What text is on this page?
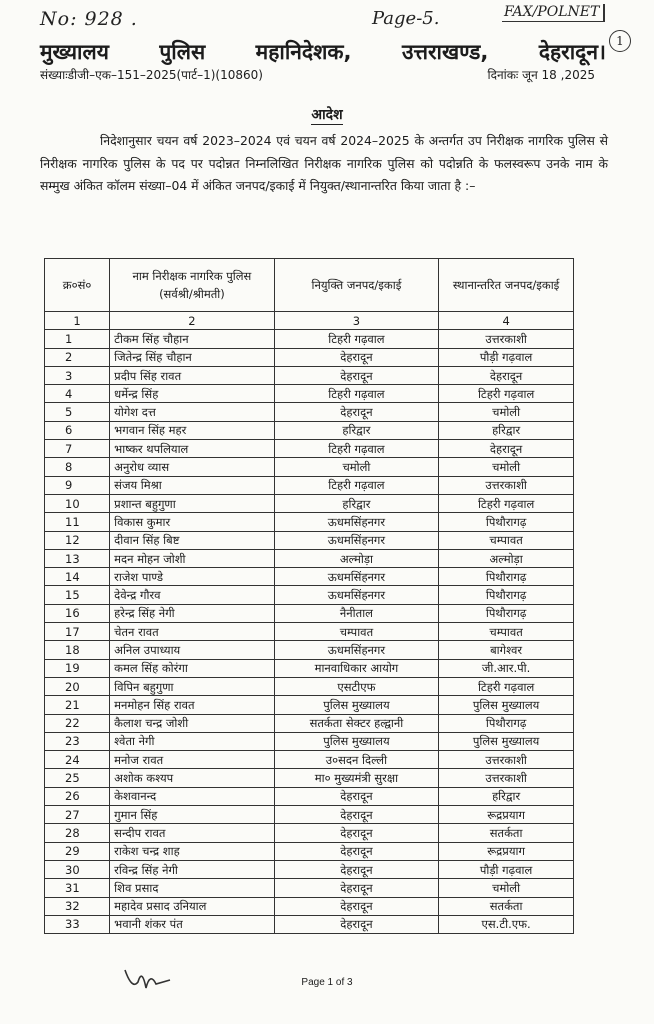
No: 928 .	Page-5.	FAX/POLNET
1
मुख्यालय पुलिस महानिदेशक, उत्तराखण्ड, देहरादून।
संख्याःडीजी–एक–151–2025(पार्ट–1)(10860)	दिनांकः जून 18 ,2025
आदेश
निदेशानुसार चयन वर्ष 2023–2024 एवं चयन वर्ष 2024–2025 के अन्तर्गत उप निरीक्षक नागरिक पुलिस से निरीक्षक नागरिक पुलिस के पद पर पदोन्नत निम्नलिखित निरीक्षक नागरिक पुलिस को पदोन्नति के फलस्वरूप उनके नाम के सम्मुख अंकित कॉलम संख्या–04 में अंकित जनपद/इकाई में नियुक्त/स्थानान्तरित किया जाता है :–
क्र०सं०	नाम निरीक्षक नागरिक पुलिस (सर्वश्री/श्रीमती)	नियुक्ति जनपद/इकाई	स्थानान्तरित जनपद/इकाई
1	2	3	4
1	टीकम सिंह चौहान	टिहरी गढ़वाल	उत्तरकाशी
2	जितेन्द्र सिंह चौहान	देहरादून	पौड़ी गढ़वाल
3	प्रदीप सिंह रावत	देहरादून	देहरादून
4	धर्मेन्द्र सिंह	टिहरी गढ़वाल	टिहरी गढ़वाल
5	योगेश दत्त	देहरादून	चमोली
6	भगवान सिंह महर	हरिद्वार	हरिद्वार
7	भाष्कर थपलियाल	टिहरी गढ़वाल	देहरादून
8	अनुरोध व्यास	चमोली	चमोली
9	संजय मिश्रा	टिहरी गढ़वाल	उत्तरकाशी
10	प्रशान्त बहुगुणा	हरिद्वार	टिहरी गढ़वाल
11	विकास कुमार	ऊधमसिंहनगर	पिथौरागढ़
12	दीवान सिंह बिष्ट	ऊधमसिंहनगर	चम्पावत
13	मदन मोहन जोशी	अल्मोड़ा	अल्मोड़ा
14	राजेश पाण्डे	ऊधमसिंहनगर	पिथौरागढ़
15	देवेन्द्र गौरव	ऊधमसिंहनगर	पिथौरागढ़
16	हरेन्द्र सिंह नेगी	नैनीताल	पिथौरागढ़
17	चेतन रावत	चम्पावत	चम्पावत
18	अनिल उपाध्याय	ऊधमसिंहनगर	बागेश्वर
19	कमल सिंह कोरंगा	मानवाधिकार आयोग	जी.आर.पी.
20	विपिन बहुगुणा	एसटीएफ	टिहरी गढ़वाल
21	मनमोहन सिंह रावत	पुलिस मुख्यालय	पुलिस मुख्यालय
22	कैलाश चन्द्र जोशी	सतर्कता सेक्टर हल्द्वानी	पिथौरागढ़
23	श्वेता नेगी	पुलिस मुख्यालय	पुलिस मुख्यालय
24	मनोज रावत	उ०सदन दिल्ली	उत्तरकाशी
25	अशोक कश्यप	मा० मुख्यमंत्री सुरक्षा	उत्तरकाशी
26	केशवानन्द	देहरादून	हरिद्वार
27	गुमान सिंह	देहरादून	रूद्रप्रयाग
28	सन्दीप रावत	देहरादून	सतर्कता
29	राकेश चन्द्र शाह	देहरादून	रूद्रप्रयाग
30	रविन्द्र सिंह नेगी	देहरादून	पौड़ी गढ़वाल
31	शिव प्रसाद	देहरादून	चमोली
32	महादेव प्रसाद उनियाल	देहरादून	सतर्कता
33	भवानी शंकर पंत	देहरादून	एस.टी.एफ.
Page 1 of 3
